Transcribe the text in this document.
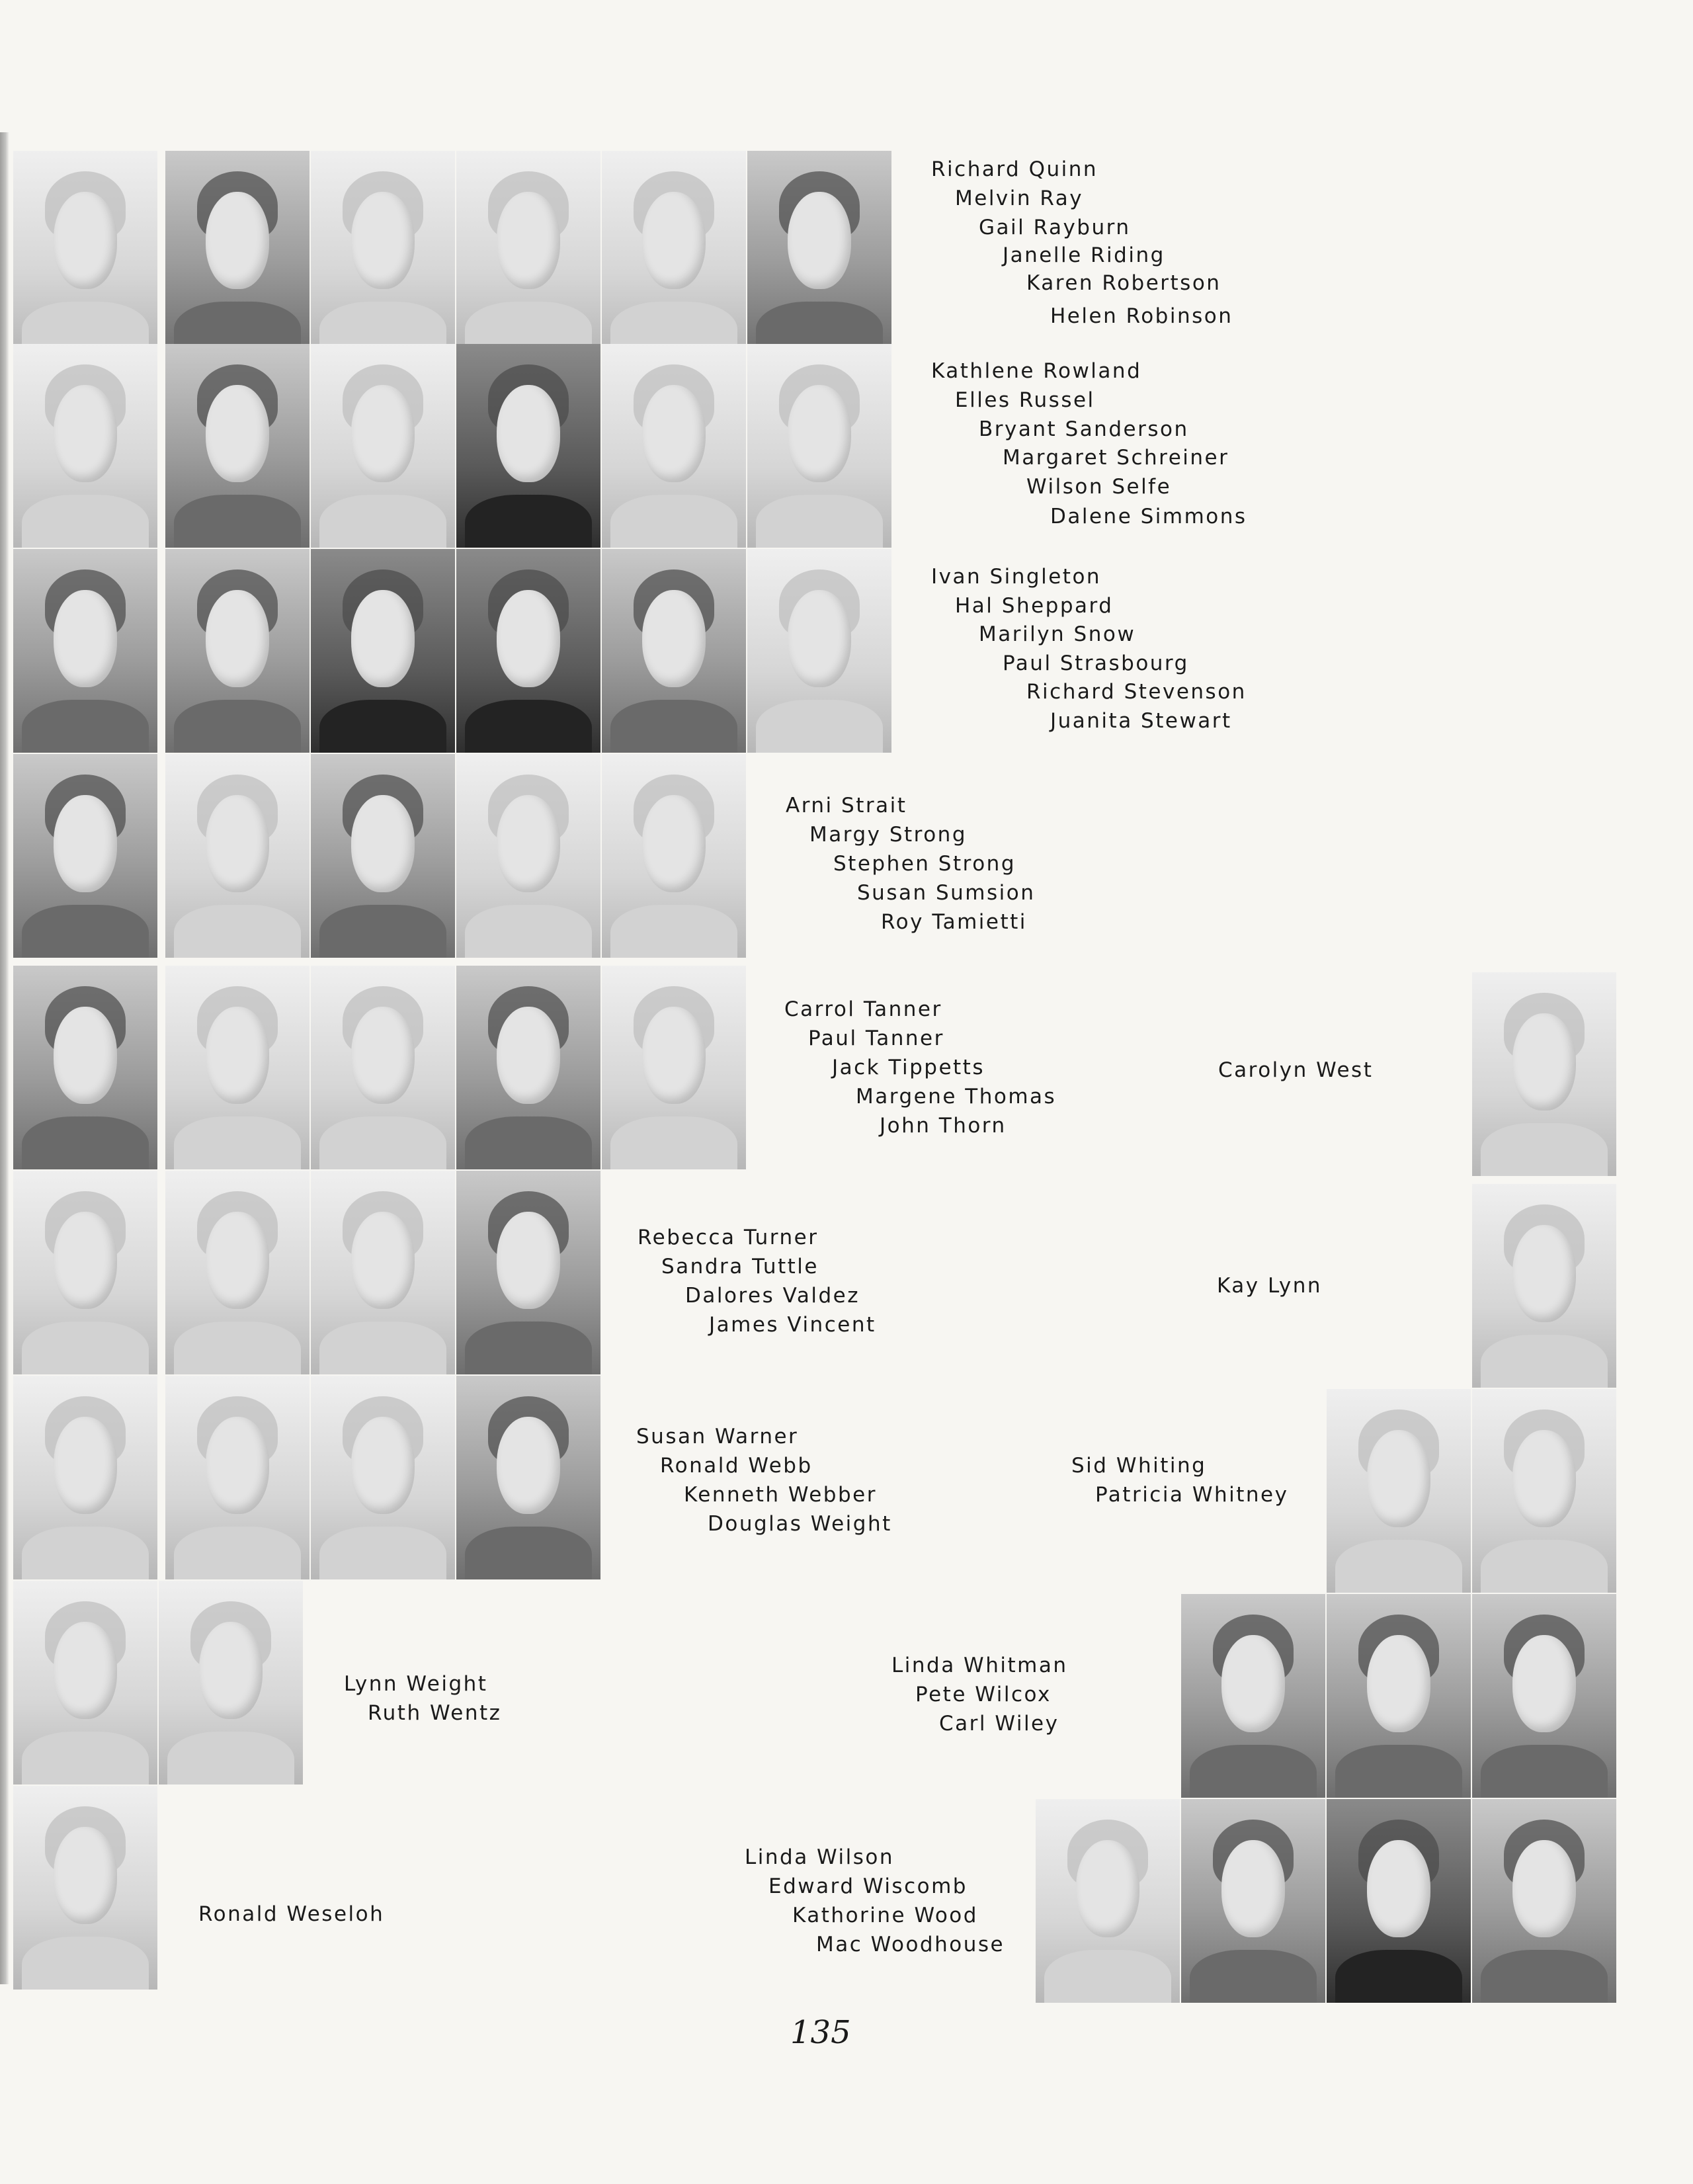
Richard Quinn
Melvin Ray
Gail Rayburn
Janelle Riding
Karen Robertson
Helen Robinson
Kathlene Rowland
Elles Russel
Bryant Sanderson
Margaret Schreiner
Wilson Selfe
Dalene Simmons
Ivan Singleton
Hal Sheppard
Marilyn Snow
Paul Strasbourg
Richard Stevenson
Juanita Stewart
Arni Strait
Margy Strong
Stephen Strong
Susan Sumsion
Roy Tamietti
Carrol Tanner
Paul Tanner
Jack Tippetts
Margene Thomas
John Thorn
Carolyn West
Rebecca Turner
Sandra Tuttle
Dalores Valdez
James Vincent
Kay Lynn
Susan Warner
Ronald Webb
Kenneth Webber
Douglas Weight
Sid Whiting
Patricia Whitney
Lynn Weight
Ruth Wentz
Linda Whitman
Pete Wilcox
Carl Wiley
Ronald Weseloh
Linda Wilson
Edward Wiscomb
Kathorine Wood
Mac Woodhouse
135
